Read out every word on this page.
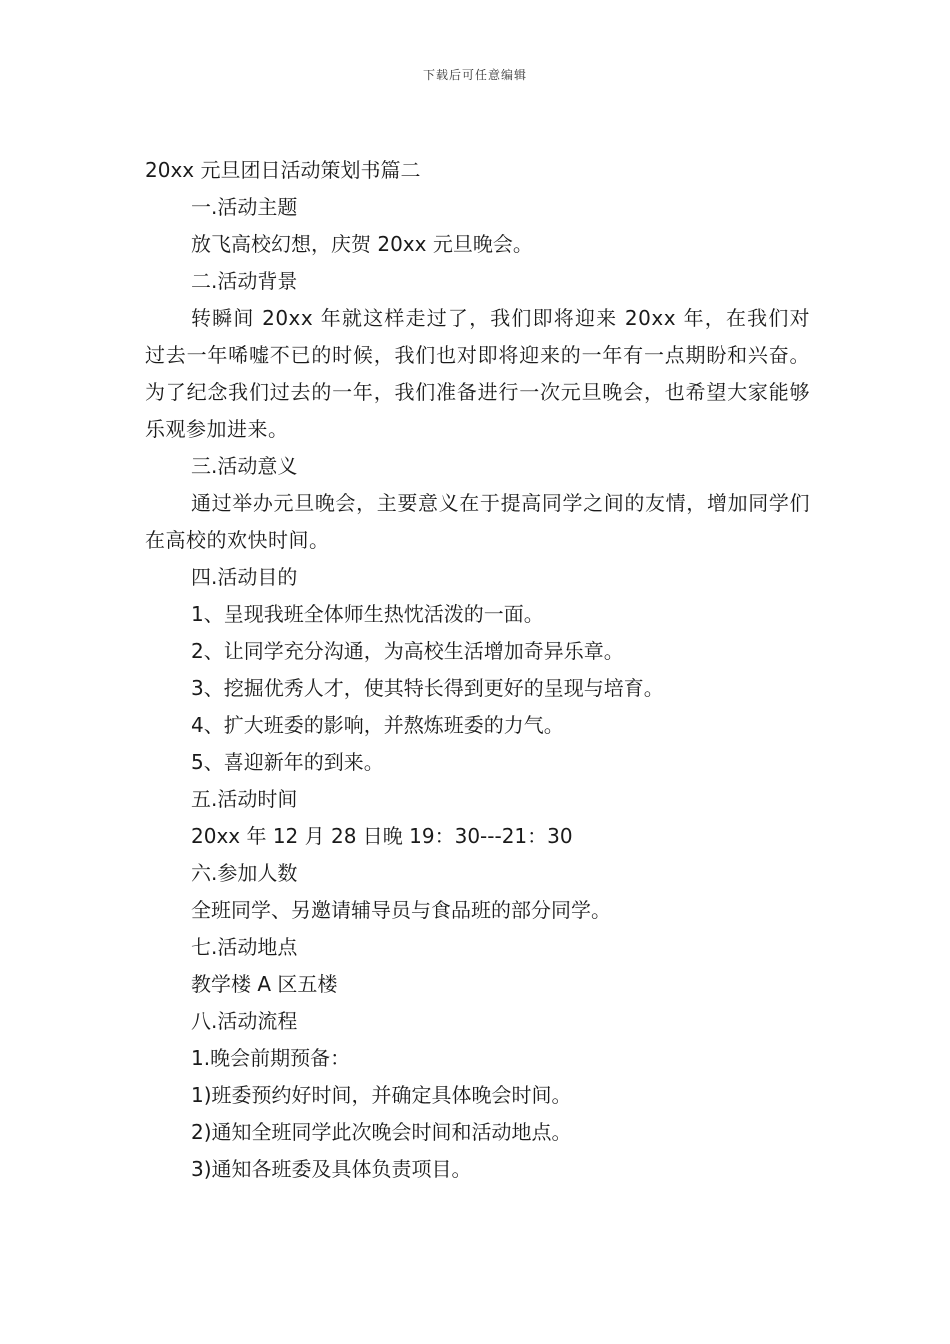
下载后可任意编辑
20xx 元旦团日活动策划书篇二
一.活动主题
放飞高校幻想，庆贺 20xx 元旦晚会。
二.活动背景
转瞬间 20xx 年就这样走过了，我们即将迎来 20xx 年，在我们对过去一年唏嘘不已的时候，我们也对即将迎来的一年有一点期盼和兴奋。为了纪念我们过去的一年，我们准备进行一次元旦晚会，也希望大家能够乐观参加进来。
三.活动意义
通过举办元旦晚会，主要意义在于提高同学之间的友情，增加同学们在高校的欢快时间。
四.活动目的
1、呈现我班全体师生热忱活泼的一面。
2、让同学充分沟通，为高校生活增加奇异乐章。
3、挖掘优秀人才，使其特长得到更好的呈现与培育。
4、扩大班委的影响，并熬炼班委的力气。
5、喜迎新年的到来。
五.活动时间
20xx 年 12 月 28 日晚 19：30---21：30
六.参加人数
全班同学、另邀请辅导员与食品班的部分同学。
七.活动地点
教学楼 A 区五楼
八.活动流程
1.晚会前期预备：
1)班委预约好时间，并确定具体晚会时间。
2)通知全班同学此次晚会时间和活动地点。
3)通知各班委及具体负责项目。
